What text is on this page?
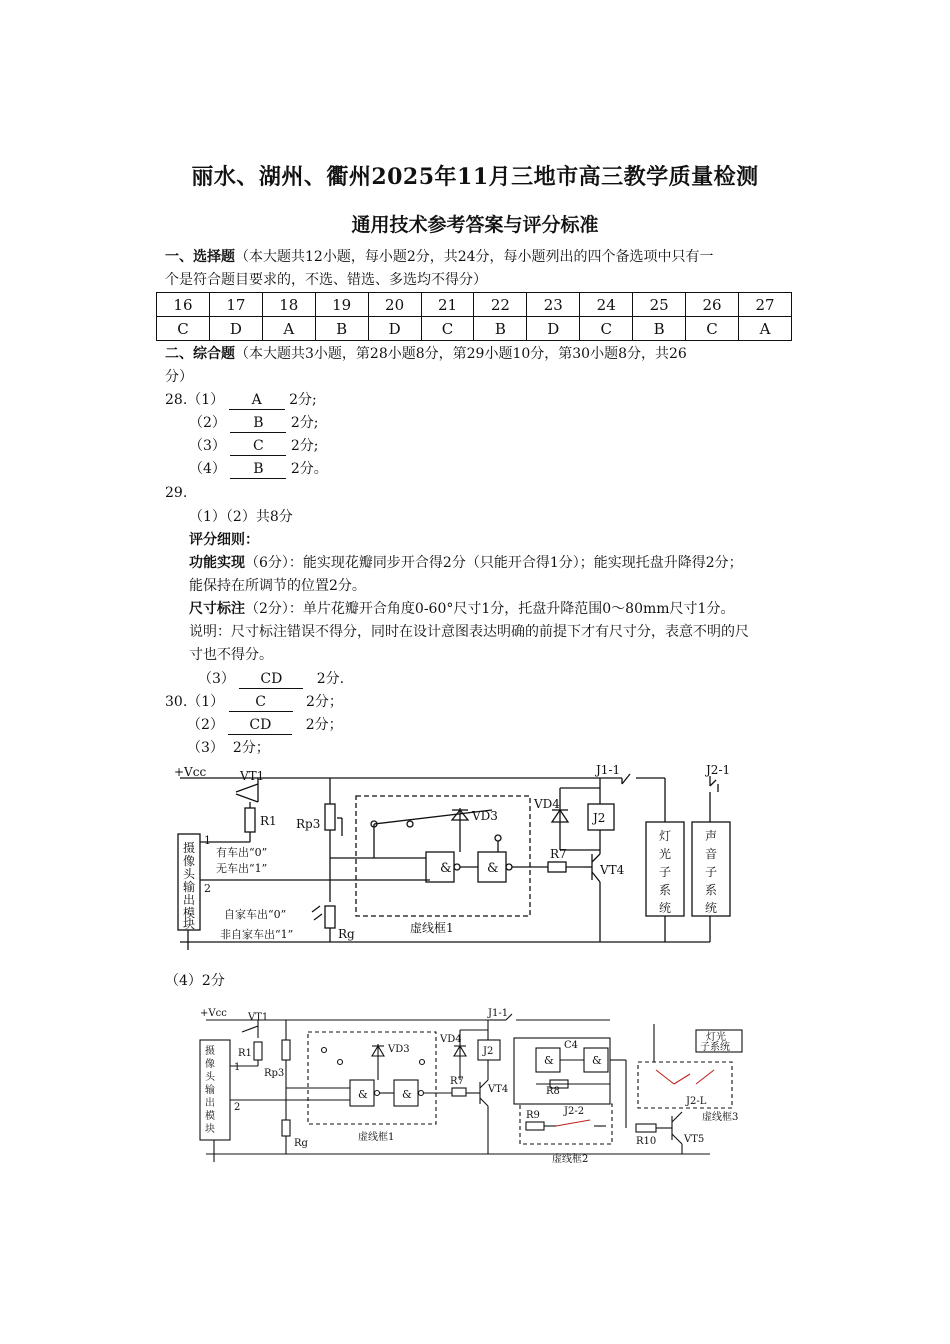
丽水、湖州、衢州2025年11月三地市高三教学质量检测
通用技术参考答案与评分标准
一、选择题（本大题共12小题，每小题2分，共24分，每小题列出的四个备选项中只有一
个是符合题目要求的，不选、错选、多选均不得分）
16	17	18	19	20	21	22	23	24	25	26	27
C	D	A	B	D	C	B	D	C	B	C	A
二、综合题（本大题共3小题，第28小题8分，第29小题10分，第30小题8分，共26
分）
28.（1） A 2分;
（2） B 2分;
（3） C 2分;
（4） B 2分。
29.
（1）（2）共8分
评分细则：
功能实现（6分）：能实现花瓣同步开合得2分（只能开合得1分）；能实现托盘升降得2分；
能保持在所调节的位置2分。
尺寸标注（2分）：单片花瓣开合角度0-60°尺寸1分，托盘升降范围0～80mm尺寸1分。
说明：尺寸标注错误不得分，同时在设计意图表达明确的前提下才有尺寸分，表意不明的尺
寸也不得分。
（3） CD 2分.
30.（1） C	2分；
（2） CD 2分；
（3） 2分；
+Vcc	VT1
R1 Rp3
Rg
VD3
VD4
J2
R7
VT4
J1-1	J2-1
&	&
1
2
有车出“0”
无车出“1”
自家车出“0”
非自家车出“1”	虚线框1
摄
像
头
输
出
模
块
灯
光
子
系
统
声
音
子
系
统
（4）2分
+Vcc VT1
R1
Rp3
Rg
VD3
VD4
J2
R7
VT4
J1-1
C4
R8
R9 J2-2
R10	VT5
J2-L
灯光
子系统
虚线框1
虚线框2
虚线框3
1
2
&	&
&	&
摄
像
头
输
出
模
块
